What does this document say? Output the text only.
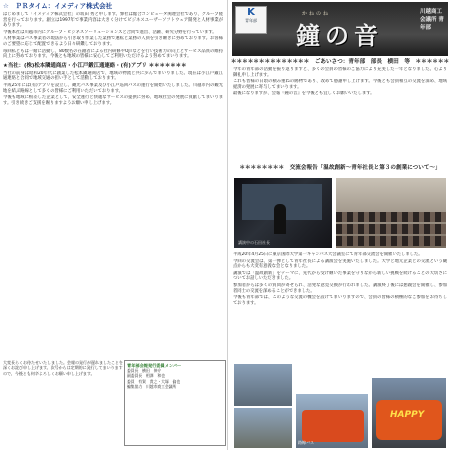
☆　ＰＲタイム：イメディア株式会社

はじめまして「イメディア株式会社」の坂田 秀と申します。弊社は総合コンピュータ関連会社であり、グループ経営を行っております。創立は1997年で事業内容は大きく分けてビジネスユーザーソフトウェア開発と人材事業があります。

今後本社は川越市内にグループ・ビジネスソーリューションズと合同で進出、活躍、研究分野を行っています。

人材事業はバス事業者の現法から引き取り作業した業務で運転と業務の人員を引き継ぎに努めております。お客様のご要望に応じて配置できるよう日々研鑽しております。

毎回私どもは一緒に活動し、80数名の在籍者による社内研修やOJTなどを行い技術力の向上とサービス品質の維持向上に努めております。今後とも地域の皆様に安心してご利用いただけるよう努めてまいります。

★当社：(株)松本隣通商店・小江戸鍛江通連絡・(有)アプリ ＊＊＊＊＊＊＊

当社の前身は昭和20年代に創業した松本隣通商店で、地域の物流と共に歩んでまいりました。現在は小江戸鍛江通連絡と合同で地域交通の担い手として活動しております。

平成25年には(有)アプリを設立し、観光バス事業及び小江戸巡回バスの運行を開始いたしました。川越市内の観光地を結ぶ路線として多くの皆様にご利用いただいております。

今後も地域に根差した企業として、安全運行と快適なサービスの提供に努め、地域社会の発展に貢献してまいります。引き続きご支援を賜りますようお願い申し上げます。

大変長らくお待たせいたしました。会報の発行が遅れましたことを深くお詫び申し上げます。次号からは定期的に発行してまいりますので、今後とも何卒よろしくお願い申し上げます。
青年部会報発行委員メンバー
委員長　横田　伸介
副委員長　相澤　和也
委員　有賀　貴之・大塚　倫也
編集協力　川越市商工会議所
K
青年部
かねのね
鐘の音
川越商工会議所 青年部
＊＊＊＊＊＊＊＊＊＊＊＊＊＊　ごあいさつ：青年部　部長　横田　等　＊＊＊＊＊＊

今年の青年部の活動を振り返りますと、多くの会員の皆様のご協力により充実した一年となりました。心より御礼申し上げます。

これも皆様の日頃の積み重ねの賜物であり、改めて感謝申し上げます。今後とも会員相互の交流を深め、地域経済の発展に寄与してまいります。

最後になりますが、会報『鐘の音』を今後とも宜しくお願いいたします。

＊＊＊＊＊＊＊＊　交流会報告「温故創新～青年社長と第３の創業について～」
講演中の石田社長

平成20年4月25日に東京国際大学第一キャンパス大会議室にて青年部交流会を開催いたしました。

今回の交流会は、第一弾として青年社長による講演会を実施いたしました。大学と地元企業との交流という観点からも大変有意義な会となりました。

講演では「温故創新」をテーマに、先代から受け継いだ事業を守りながら新しい挑戦を続けることの大切さについてお話しいただきました。

参加者からは多くの質問が寄せられ、活発な意見交換が行われました。講演終了後には懇親会を開催し、参加者同士の交流を深めることができました。

今後も青年部では、このような交流の機会を設けてまいりますので、会員の皆様の積極的なご参加をお待ちしております。

路線バス
HAPPY
